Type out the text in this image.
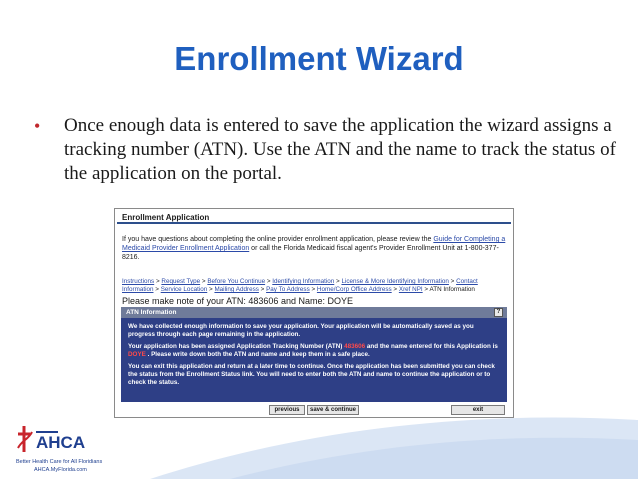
Enrollment Wizard
• Once enough data is entered to save the application the wizard assigns a tracking number (ATN). Use the ATN and the name to track the status of the application on the portal.
Enrollment Application
If you have questions about completing the online provider enrollment application, please review the Guide for Completing a Medicaid Provider Enrollment Application or call the Florida Medicaid fiscal agent's Provider Enrollment Unit at 1-800-377-8216.
Instructions > Request Type > Before You Continue > Identifying Information > License & More Identifying Information > Contact Information > Service Location > Mailing Address > Pay To Address > Home/Corp Office Address > Xref NPI > ATN Information
Please make note of your ATN: 483606 and Name: DOYE
ATN Information	?

We have collected enough information to save your application. Your application will be automatically saved as you progress through each page remaining in the application.

Your application has been assigned Application Tracking Number (ATN) 483606 and the name entered for this Application is DOYE . Please write down both the ATN and name and keep them in a safe place.

You can exit this application and return at a later time to continue. Once the application has been submitted you can check the status from the Enrollment Status link. You will need to enter both the ATN and name to continue the application or to check the status.

previous	save & continue	exit
AHCA
Better Health Care for All Floridians
AHCA.MyFlorida.com
